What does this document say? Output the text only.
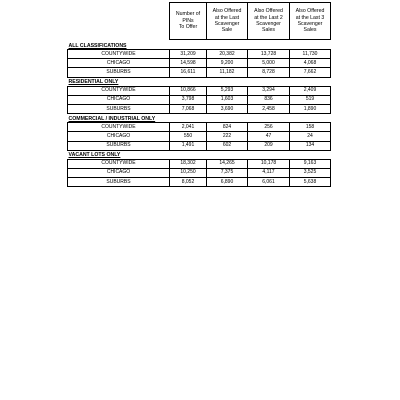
	Number of
PINs
To Offer	Also Offered
at the Last
Scavenger
Sale	Also Offered
at the Last 2
Scavenger
Sales	Also Offered
at the Last 3
Scavenger
Sales
ALL CLASSIFICATIONS				
COUNTYWIDE	31,209	20,382	13,728	11,730
CHICAGO	14,598	9,200	5,000	4,068
SUBURBS	16,611	11,182	8,728	7,662
RESIDENTIAL ONLY				
COUNTYWIDE	10,866	5,293	3,294	2,409
CHICAGO	3,798	1,603	836	519
SUBURBS	7,068	3,690	2,458	1,890
COMMERCIAL / INDUSTRIAL ONLY				
COUNTYWIDE	2,041	824	256	158
CHICAGO	550	222	47	24
SUBURBS	1,491	602	209	134
VACANT LOTS ONLY				
COUNTYWIDE	18,302	14,265	10,178	9,163
CHICAGO	10,250	7,375	4,117	3,525
SUBURBS	8,052	6,890	6,061	5,638
